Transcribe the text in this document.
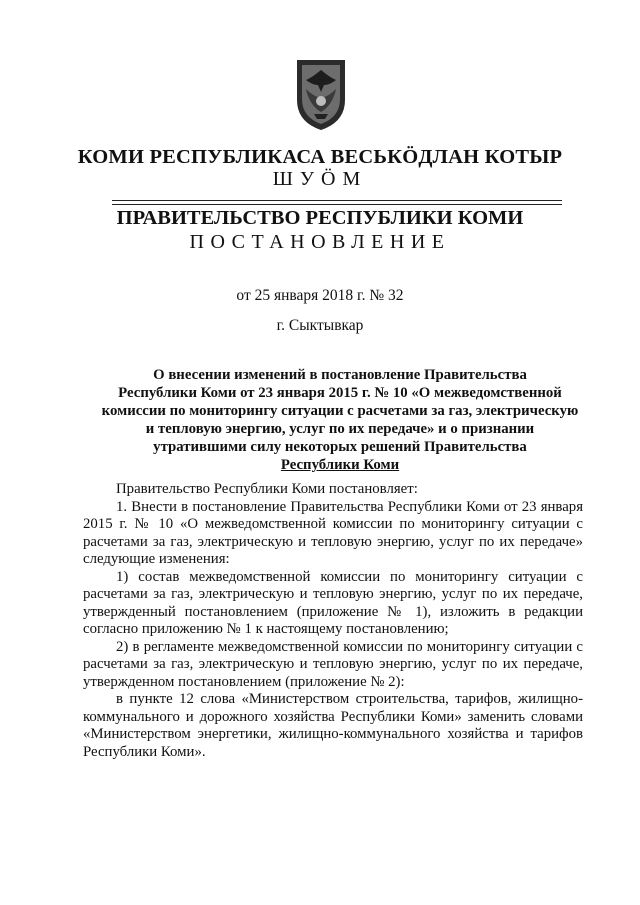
КОМИ РЕСПУБЛИКАСА ВЕСЬКӦДЛАН КОТЫР
ШУӦМ
ПРАВИТЕЛЬСТВО РЕСПУБЛИКИ КОМИ
ПОСТАНОВЛЕНИЕ
от 25 января 2018 г. № 32
г. Сыктывкар
О внесении изменений в постановление Правительства
Республики Коми от 23 января 2015 г. № 10 «О межведомственной
комиссии по мониторингу ситуации с расчетами за газ, электрическую
и тепловую энергию, услуг по их передаче» и о признании
утратившими силу некоторых решений Правительства
Республики Коми

Правительство Республики Коми постановляет:

1. Внести в постановление Правительства Республики Коми от 23 января 2015 г. № 10 «О межведомственной комиссии по мониторингу ситуации с расчетами за газ, электрическую и тепловую энергию, услуг по их передаче» следующие изменения:

1) состав межведомственной комиссии по мониторингу ситуации с расчетами за газ, электрическую и тепловую энергию, услуг по их передаче, утвержденный постановлением (приложение № 1), изложить в редакции согласно приложению № 1 к настоящему постановлению;

2) в регламенте межведомственной комиссии по мониторингу ситуации с расчетами за газ, электрическую и тепловую энергию, услуг по их передаче, утвержденном постановлением (приложение № 2):

в пункте 12 слова «Министерством строительства, тарифов, жилищно-коммунального и дорожного хозяйства Республики Коми» заменить словами «Министерством энергетики, жилищно-коммунального хозяйства и тарифов Республики Коми».
